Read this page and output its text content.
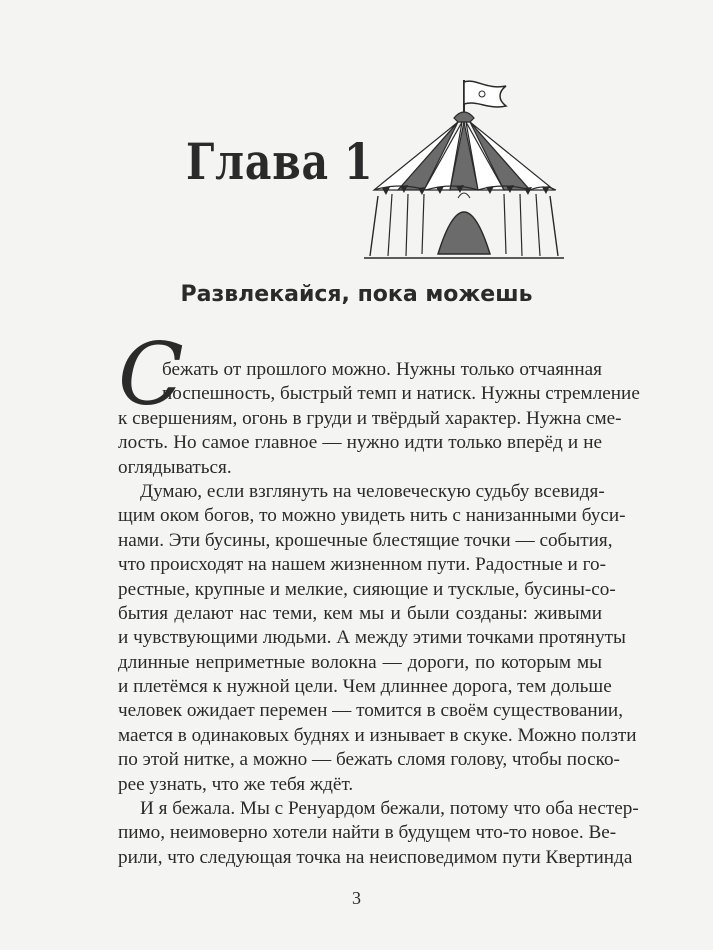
Глава 1
Развлекайся, пока можешь
С
бежать от прошлого можно. Нужны только отчаянная
поспешность, быстрый темп и натиск. Нужны стремление
к свершениям, огонь в груди и твёрдый характер. Нужна сме-
лость. Но самое главное — нужно идти только вперёд и не
оглядываться.
Думаю, если взглянуть на человеческую судьбу всевидя-
щим оком богов, то можно увидеть нить с нанизанными буси-
нами. Эти бусины, крошечные блестящие точки — события,
что происходят на нашем жизненном пути. Радостные и го-
рестные, крупные и мелкие, сияющие и тусклые, бусины-со-
бытия делают нас теми, кем мы и были созданы: живыми
и чувствующими людьми. А между этими точками протянуты
длинные неприметные волокна — дороги, по которым мы
и плетёмся к нужной цели. Чем длиннее дорога, тем дольше
человек ожидает перемен — томится в своём существовании,
мается в одинаковых буднях и изнывает в скуке. Можно ползти
по этой нитке, а можно — бежать сломя голову, чтобы поско-
рее узнать, что же тебя ждёт.
И я бежала. Мы с Ренуардом бежали, потому что оба нестер-
пимо, неимоверно хотели найти в будущем что-то новое. Ве-
рили, что следующая точка на неисповедимом пути Квертинда
3
